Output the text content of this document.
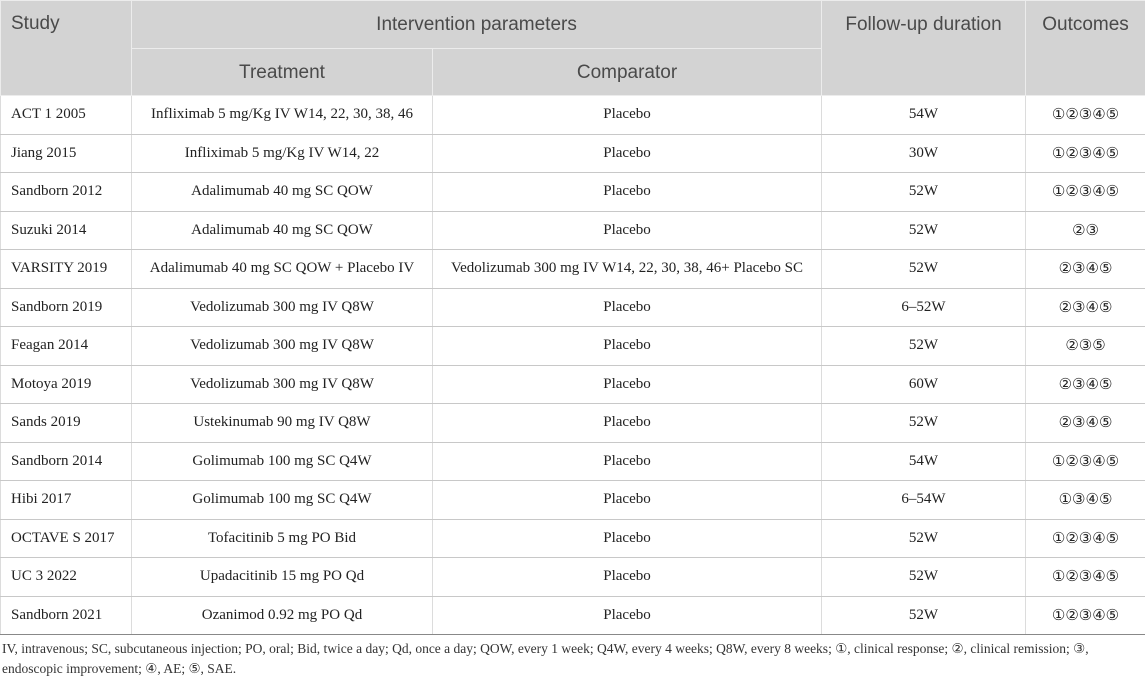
Study	Intervention parameters		Follow-up duration	Outcomes
	Treatment	Comparator		
ACT 1 2005	Infliximab 5 mg/Kg IV W14, 22, 30, 38, 46	Placebo	54W	①②③④⑤
Jiang 2015	Infliximab 5 mg/Kg IV W14, 22	Placebo	30W	①②③④⑤
Sandborn 2012	Adalimumab 40 mg SC QOW	Placebo	52W	①②③④⑤
Suzuki 2014	Adalimumab 40 mg SC QOW	Placebo	52W	②③
VARSITY 2019	Adalimumab 40 mg SC QOW + Placebo IV	Vedolizumab 300 mg IV W14, 22, 30, 38, 46+ Placebo SC	52W	②③④⑤
Sandborn 2019	Vedolizumab 300 mg IV Q8W	Placebo	6–52W	②③④⑤
Feagan 2014	Vedolizumab 300 mg IV Q8W	Placebo	52W	②③⑤
Motoya 2019	Vedolizumab 300 mg IV Q8W	Placebo	60W	②③④⑤
Sands 2019	Ustekinumab 90 mg IV Q8W	Placebo	52W	②③④⑤
Sandborn 2014	Golimumab 100 mg SC Q4W	Placebo	54W	①②③④⑤
Hibi 2017	Golimumab 100 mg SC Q4W	Placebo	6–54W	①③④⑤
OCTAVE S 2017	Tofacitinib 5 mg PO Bid	Placebo	52W	①②③④⑤
UC 3 2022	Upadacitinib 15 mg PO Qd	Placebo	52W	①②③④⑤
Sandborn 2021	Ozanimod 0.92 mg PO Qd	Placebo	52W	①②③④⑤
IV, intravenous; SC, subcutaneous injection; PO, oral; Bid, twice a day; Qd, once a day; QOW, every 1 week; Q4W, every 4 weeks; Q8W, every 8 weeks; ①, clinical response; ②, clinical remission; ③, endoscopic improvement; ④, AE; ⑤, SAE.
